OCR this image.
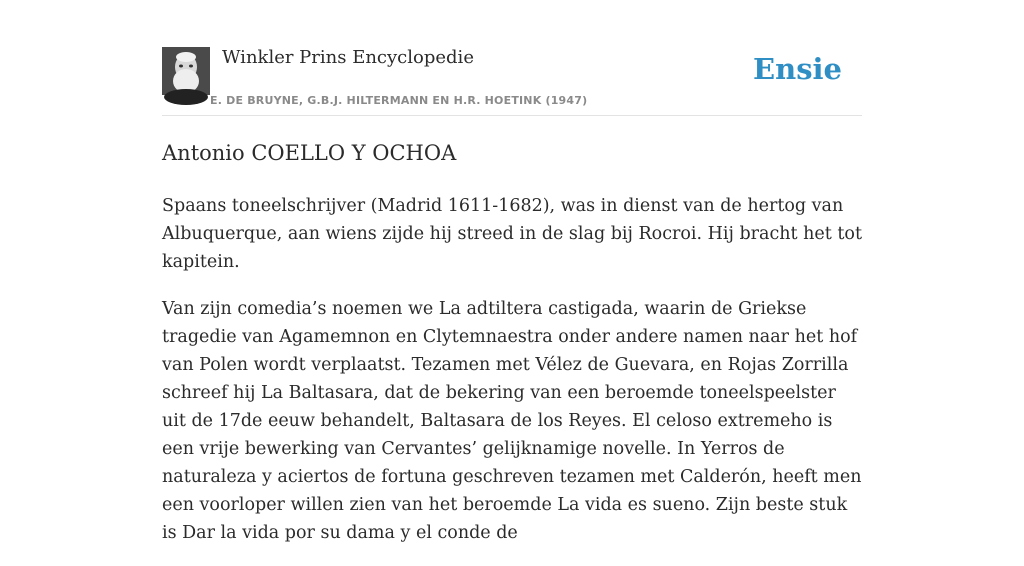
Winkler Prins Encyclopedie
E. DE BRUYNE, G.B.J. HILTERMANN EN H.R. HOETINK (1947)
Ensie
Antonio COELLO Y OCHOA

Spaans toneelschrijver (Madrid 1611-1682), was in dienst van de hertog van Albuquerque, aan wiens zijde hij streed in de slag bij Rocroi. Hij bracht het tot kapitein.

Van zijn comedia’s noemen we La adtiltera castigada, waarin de Griekse tragedie van Agamemnon en Clytemnaestra onder andere namen naar het hof van Polen wordt verplaatst. Tezamen met Vélez de Guevara, en Rojas Zorrilla schreef hij La Baltasara, dat de bekering van een beroemde toneelspeelster uit de 17de eeuw behandelt, Baltasara de los Reyes. El celoso extremeho is een vrije bewerking van Cervantes’ gelijknamige novelle. In Yerros de naturaleza y aciertos de fortuna geschreven tezamen met Calderón, heeft men een voorloper willen zien van het beroemde La vida es sueno. Zijn beste stuk is Dar la vida por su dama y el conde de
